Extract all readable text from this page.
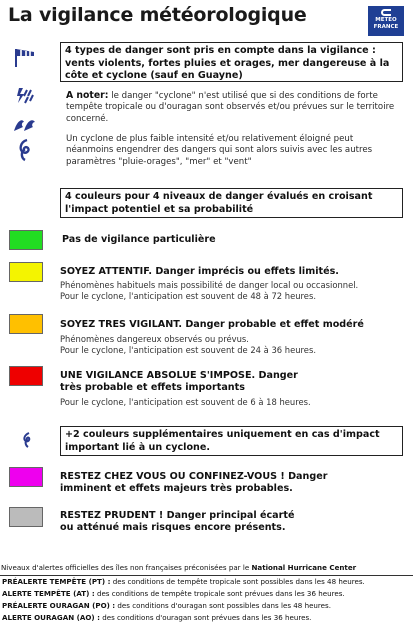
La vigilance météorologique	METEO
FRANCE
4 types de danger sont pris en compte dans la vigilance : vents violents, fortes pluies et orages, mer dangereuse à la côte et cyclone (sauf en Guayne)
A noter: le danger "cyclone" n'est utilisé que si des conditions de forte tempête tropicale ou d'ouragan sont observés et/ou prévues sur le territoire concerné.
Un cyclone de plus faible intensité et/ou relativement éloigné peut néanmoins engendrer des dangers qui sont alors suivis avec les autres paramètres "pluie-orages", "mer" et "vent"
4 couleurs pour 4 niveaux de danger évalués en croisant l'impact potentiel et sa probabilité
Pas de vigilance particulière
SOYEZ ATTENTIF. Danger imprécis ou effets limités.
Phénomènes habituels mais possibilité de danger local ou occasionnel.
Pour le cyclone, l'anticipation est souvent de 48 à 72 heures.
SOYEZ TRES VIGILANT. Danger probable et effet modéré
Phénomènes dangereux observés ou prévus.
Pour le cyclone, l'anticipation est souvent de 24 à 36 heures.
UNE VIGILANCE ABSOLUE S'IMPOSE. Danger très probable et effets importants
Pour le cyclone, l'anticipation est souvent de 6 à 18 heures.
+2 couleurs supplémentaires uniquement en cas d'impact important lié à un cyclone.
RESTEZ CHEZ VOUS OU CONFINEZ-VOUS ! Danger imminent et effets majeurs très probables.
RESTEZ PRUDENT ! Danger principal écarté ou atténué mais risques encore présents.
Niveaux d'alertes officielles des îles non françaises préconisées par le National Hurricane Center
PRÉALERTE TEMPÊTE (PT) : des conditions de tempête tropicale sont possibles dans les 48 heures.
ALERTE TEMPÊTE (AT) : des conditions de tempête tropicale sont prévues dans les 36 heures.
PRÉALERTE OURAGAN (PO) : des conditions d'ouragan sont possibles dans les 48 heures.
ALERTE OURAGAN (AO) : des conditions d'ouragan sont prévues dans les 36 heures.
